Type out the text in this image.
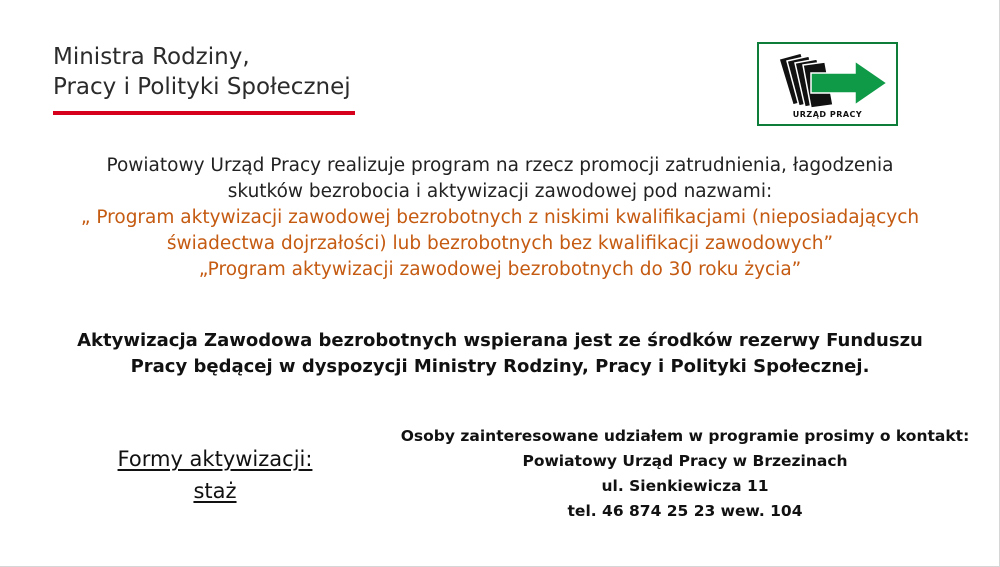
Ministra Rodziny,
Pracy i Polityki Społecznej
URZĄD PRACY
Powiatowy Urząd Pracy realizuje program na rzecz promocji zatrudnienia, łagodzenia
skutków bezrobocia i aktywizacji zawodowej pod nazwami:
„ Program aktywizacji zawodowej bezrobotnych z niskimi kwalifikacjami (nieposiadających
świadectwa dojrzałości) lub bezrobotnych bez kwalifikacji zawodowych”
„Program aktywizacji zawodowej bezrobotnych do 30 roku życia”
Aktywizacja Zawodowa bezrobotnych wspierana jest ze środków rezerwy Funduszu
Pracy będącej w dyspozycji Ministry Rodziny, Pracy i Polityki Społecznej.
Formy aktywizacji:
staż
Osoby zainteresowane udziałem w programie prosimy o kontakt:
Powiatowy Urząd Pracy w Brzezinach
ul. Sienkiewicza 11
tel. 46 874 25 23 wew. 104
